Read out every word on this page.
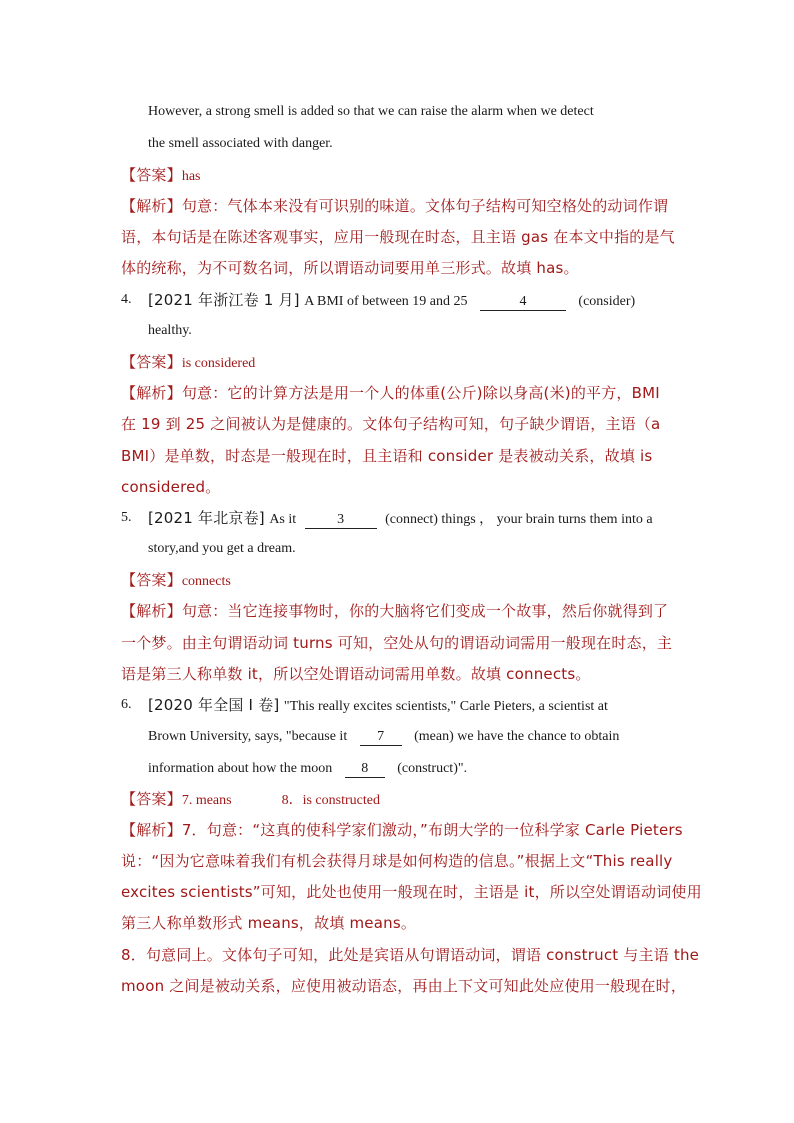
However, a strong smell is added so that we can raise the alarm when we detect
the smell associated with danger.
【答案】has
【解析】句意：气体本来没有可识别的味道。文体句子结构可知空格处的动词作谓
语，本句话是在陈述客观事实，应用一般现在时态，且主语 gas 在本文中指的是气
体的统称，为不可数名词，所以谓语动词要用单三形式。故填 has。
4. [2021 年浙江卷 1 月] A BMI of between 19 and 25	4	(consider)
healthy.
【答案】is considered
【解析】句意：它的计算方法是用一个人的体重(公斤)除以身高(米)的平方，BMI
在 19 到 25 之间被认为是健康的。文体句子结构可知，句子缺少谓语，主语（a
BMI）是单数，时态是一般现在时，且主语和 consider 是表被动关系，故填 is
considered。
5. [2021 年北京卷] As it	3	(connect) things ， your brain turns them into a
story,and you get a dream.
【答案】connects
【解析】句意：当它连接事物时，你的大脑将它们变成一个故事，然后你就得到了
一个梦。由主句谓语动词 turns 可知，空处从句的谓语动词需用一般现在时态，主
语是第三人称单数 it，所以空处谓语动词需用单数。故填 connects。
6. [2020 年全国 I 卷] "This really excites scientists," Carle Pieters, a scientist at
Brown University, says, "because it 7 (mean) we have the chance to obtain
information about how the moon 8 (construct)".
【答案】7. means	8．is constructed
【解析】7．句意：“这真的使科学家们激动，”布朗大学的一位科学家 Carle Pieters
说：“因为它意味着我们有机会获得月球是如何构造的信息。”根据上文“This really
excites scientists”可知，此处也使用一般现在时，主语是 it，所以空处谓语动词使用
第三人称单数形式 means，故填 means。
8．句意同上。文体句子可知，此处是宾语从句谓语动词，谓语 construct 与主语 the
moon 之间是被动关系，应使用被动语态，再由上下文可知此处应使用一般现在时，
